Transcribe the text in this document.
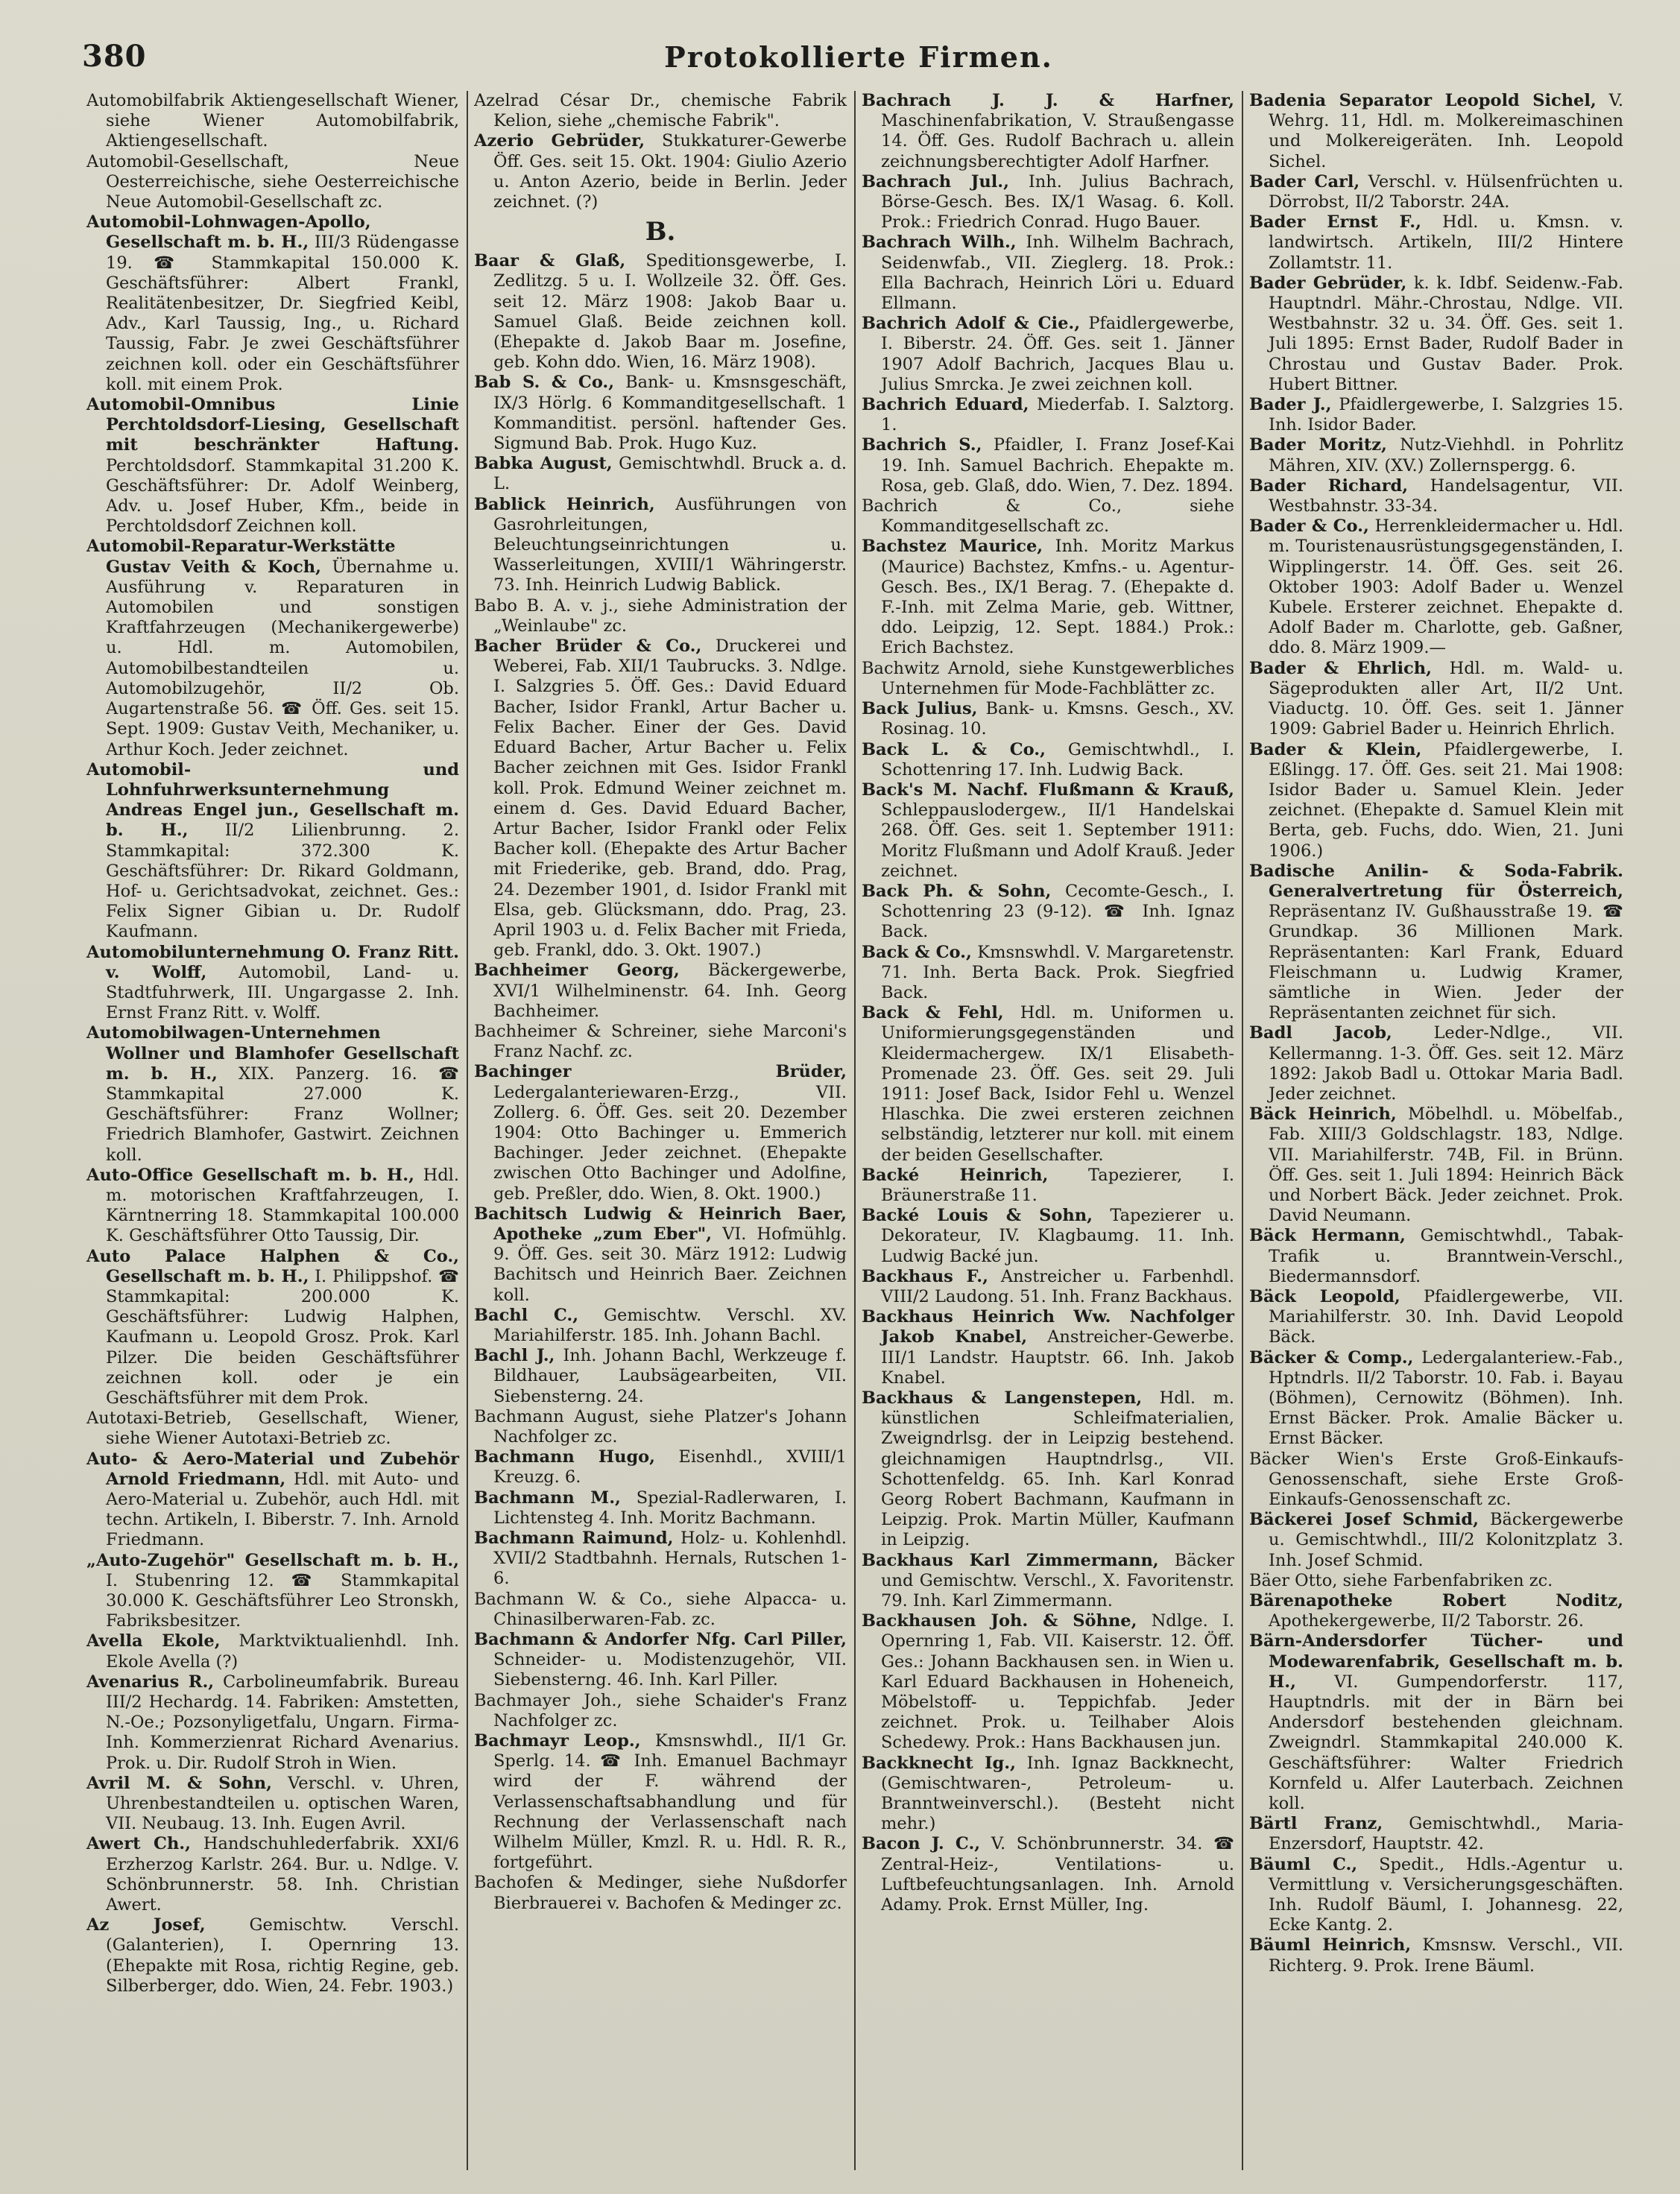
380	Protokollierte Firmen.

Automobilfabrik Aktiengesellschaft Wiener, siehe Wiener Automobilfabrik, Aktiengesellschaft.

Automobil-Gesellschaft, Neue Oesterreichische, siehe Oesterreichische Neue Automobil-Gesellschaft zc.

Automobil-Lohnwagen-Apollo, Gesellschaft m. b. H., III/3 Rüdengasse 19. ☎ Stammkapital 150.000 K. Geschäftsführer: Albert Frankl, Realitätenbesitzer, Dr. Siegfried Keibl, Adv., Karl Taussig, Ing., u. Richard Taussig, Fabr. Je zwei Geschäftsführer zeichnen koll. oder ein Geschäftsführer koll. mit einem Prok.

Automobil-Omnibus Linie Perchtoldsdorf-Liesing, Gesellschaft mit beschränkter Haftung. Perchtoldsdorf. Stammkapital 31.200 K. Geschäftsführer: Dr. Adolf Weinberg, Adv. u. Josef Huber, Kfm., beide in Perchtoldsdorf Zeichnen koll.

Automobil-Reparatur-Werkstätte Gustav Veith & Koch, Übernahme u. Ausführung v. Reparaturen in Automobilen und sonstigen Kraftfahrzeugen (Mechanikergewerbe) u. Hdl. m. Automobilen, Automobilbestandteilen u. Automobilzugehör, II/2 Ob. Augartenstraße 56. ☎ Öff. Ges. seit 15. Sept. 1909: Gustav Veith, Mechaniker, u. Arthur Koch. Jeder zeichnet.

Automobil- und Lohnfuhrwerksunternehmung Andreas Engel jun., Gesellschaft m. b. H., II/2 Lilienbrunng. 2. Stammkapital: 372.300 K. Geschäftsführer: Dr. Rikard Goldmann, Hof- u. Gerichtsadvokat, zeichnet. Ges.: Felix Signer Gibian u. Dr. Rudolf Kaufmann.

Automobilunternehmung O. Franz Ritt. v. Wolff, Automobil, Land- u. Stadtfuhrwerk, III. Ungargasse 2. Inh. Ernst Franz Ritt. v. Wolff.

Automobilwagen-Unternehmen Wollner und Blamhofer Gesellschaft m. b. H., XIX. Panzerg. 16. ☎ Stammkapital 27.000 K. Geschäftsführer: Franz Wollner; Friedrich Blamhofer, Gastwirt. Zeichnen koll.

Auto-Office Gesellschaft m. b. H., Hdl. m. motorischen Kraftfahrzeugen, I. Kärntnerring 18. Stammkapital 100.000 K. Geschäftsführer Otto Taussig, Dir.

Auto Palace Halphen & Co., Gesellschaft m. b. H., I. Philippshof. ☎ Stammkapital: 200.000 K. Geschäftsführer: Ludwig Halphen, Kaufmann u. Leopold Grosz. Prok. Karl Pilzer. Die beiden Geschäftsführer zeichnen koll. oder je ein Geschäftsführer mit dem Prok.

Autotaxi-Betrieb, Gesellschaft, Wiener, siehe Wiener Autotaxi-Betrieb zc.

Auto- & Aero-Material und Zubehör Arnold Friedmann, Hdl. mit Auto- und Aero-Material u. Zubehör, auch Hdl. mit techn. Artikeln, I. Biberstr. 7. Inh. Arnold Friedmann.

„Auto-Zugehör" Gesellschaft m. b. H., I. Stubenring 12. ☎ Stammkapital 30.000 K. Geschäftsführer Leo Stronskh, Fabriksbesitzer.

Avella Ekole, Marktviktualienhdl. Inh. Ekole Avella (?)

Avenarius R., Carbolineumfabrik. Bureau III/2 Hechardg. 14. Fabriken: Amstetten, N.-Oe.; Pozsonyligetfalu, Ungarn. Firma-Inh. Kommerzienrat Richard Avenarius. Prok. u. Dir. Rudolf Stroh in Wien.

Avril M. & Sohn, Verschl. v. Uhren, Uhrenbestandteilen u. optischen Waren, VII. Neubaug. 13. Inh. Eugen Avril.

Awert Ch., Handschuhlederfabrik. XXI/6 Erzherzog Karlstr. 264. Bur. u. Ndlge. V. Schönbrunnerstr. 58. Inh. Christian Awert.

Az Josef, Gemischtw. Verschl. (Galanterien), I. Opernring 13. (Ehepakte mit Rosa, richtig Regine, geb. Silberberger, ddo. Wien, 24. Febr. 1903.)

Azelrad César Dr., chemische Fabrik Kelion, siehe „chemische Fabrik".

Azerio Gebrüder, Stukkaturer-Gewerbe Öff. Ges. seit 15. Okt. 1904: Giulio Azerio u. Anton Azerio, beide in Berlin. Jeder zeichnet. (?)

B.

Baar & Glaß, Speditionsgewerbe, I. Zedlitzg. 5 u. I. Wollzeile 32. Öff. Ges. seit 12. März 1908: Jakob Baar u. Samuel Glaß. Beide zeichnen koll. (Ehepakte d. Jakob Baar m. Josefine, geb. Kohn ddo. Wien, 16. März 1908).

Bab S. & Co., Bank- u. Kmsnsgeschäft, IX/3 Hörlg. 6 Kommanditgesellschaft. 1 Kommanditist. persönl. haftender Ges. Sigmund Bab. Prok. Hugo Kuz.

Babka August, Gemischtwhdl. Bruck a. d. L.

Bablick Heinrich, Ausführungen von Gasrohrleitungen, Beleuchtungseinrichtungen u. Wasserleitungen, XVIII/1 Währingerstr. 73. Inh. Heinrich Ludwig Bablick.

Babo B. A. v. j., siehe Administration der „Weinlaube" zc.

Bacher Brüder & Co., Druckerei und Weberei, Fab. XII/1 Taubrucks. 3. Ndlge. I. Salzgries 5. Öff. Ges.: David Eduard Bacher, Isidor Frankl, Artur Bacher u. Felix Bacher. Einer der Ges. David Eduard Bacher, Artur Bacher u. Felix Bacher zeichnen mit Ges. Isidor Frankl koll. Prok. Edmund Weiner zeichnet m. einem d. Ges. David Eduard Bacher, Artur Bacher, Isidor Frankl oder Felix Bacher koll. (Ehepakte des Artur Bacher mit Friederike, geb. Brand, ddo. Prag, 24. Dezember 1901, d. Isidor Frankl mit Elsa, geb. Glücksmann, ddo. Prag, 23. April 1903 u. d. Felix Bacher mit Frieda, geb. Frankl, ddo. 3. Okt. 1907.)

Bachheimer Georg, Bäckergewerbe, XVI/1 Wilhelminenstr. 64. Inh. Georg Bachheimer.

Bachheimer & Schreiner, siehe Marconi's Franz Nachf. zc.

Bachinger Brüder, Ledergalanteriewaren-Erzg., VII. Zollerg. 6. Öff. Ges. seit 20. Dezember 1904: Otto Bachinger u. Emmerich Bachinger. Jeder zeichnet. (Ehepakte zwischen Otto Bachinger und Adolfine, geb. Preßler, ddo. Wien, 8. Okt. 1900.)

Bachitsch Ludwig & Heinrich Baer, Apotheke „zum Eber", VI. Hofmühlg. 9. Öff. Ges. seit 30. März 1912: Ludwig Bachitsch und Heinrich Baer. Zeichnen koll.

Bachl C., Gemischtw. Verschl. XV. Mariahilferstr. 185. Inh. Johann Bachl.

Bachl J., Inh. Johann Bachl, Werkzeuge f. Bildhauer, Laubsägearbeiten, VII. Siebensterng. 24.

Bachmann August, siehe Platzer's Johann Nachfolger zc.

Bachmann Hugo, Eisenhdl., XVIII/1 Kreuzg. 6.

Bachmann M., Spezial-Radlerwaren, I. Lichtensteg 4. Inh. Moritz Bachmann.

Bachmann Raimund, Holz- u. Kohlenhdl. XVII/2 Stadtbahnh. Hernals, Rutschen 1-6.

Bachmann W. & Co., siehe Alpacca- u. Chinasilberwaren-Fab. zc.

Bachmann & Andorfer Nfg. Carl Piller, Schneider- u. Modistenzugehör, VII. Siebensterng. 46. Inh. Karl Piller.

Bachmayer Joh., siehe Schaider's Franz Nachfolger zc.

Bachmayr Leop., Kmsnswhdl., II/1 Gr. Sperlg. 14. ☎ Inh. Emanuel Bachmayr wird der F. während der Verlassenschaftsabhandlung und für Rechnung der Verlassenschaft nach Wilhelm Müller, Kmzl. R. u. Hdl. R. R., fortgeführt.

Bachofen & Medinger, siehe Nußdorfer Bierbrauerei v. Bachofen & Medinger zc.

Bachrach J. J. & Harfner, Maschinenfabrikation, V. Straußengasse 14. Öff. Ges. Rudolf Bachrach u. allein zeichnungsberechtigter Adolf Harfner.

Bachrach Jul., Inh. Julius Bachrach, Börse-Gesch. Bes. IX/1 Wasag. 6. Koll. Prok.: Friedrich Conrad. Hugo Bauer.

Bachrach Wilh., Inh. Wilhelm Bachrach, Seidenwfab., VII. Zieglerg. 18. Prok.: Ella Bachrach, Heinrich Löri u. Eduard Ellmann.

Bachrich Adolf & Cie., Pfaidlergewerbe, I. Biberstr. 24. Öff. Ges. seit 1. Jänner 1907 Adolf Bachrich, Jacques Blau u. Julius Smrcka. Je zwei zeichnen koll.

Bachrich Eduard, Miederfab. I. Salztorg. 1.

Bachrich S., Pfaidler, I. Franz Josef-Kai 19. Inh. Samuel Bachrich. Ehepakte m. Rosa, geb. Glaß, ddo. Wien, 7. Dez. 1894.

Bachrich & Co., siehe Kommanditgesellschaft zc.

Bachstez Maurice, Inh. Moritz Markus (Maurice) Bachstez, Kmfns.- u. Agentur-Gesch. Bes., IX/1 Berag. 7. (Ehepakte d. F.-Inh. mit Zelma Marie, geb. Wittner, ddo. Leipzig, 12. Sept. 1884.) Prok.: Erich Bachstez.

Bachwitz Arnold, siehe Kunstgewerbliches Unternehmen für Mode-Fachblätter zc.

Back Julius, Bank- u. Kmsns. Gesch., XV. Rosinag. 10.

Back L. & Co., Gemischtwhdl., I. Schottenring 17. Inh. Ludwig Back.

Back's M. Nachf. Flußmann & Krauß, Schleppauslodergew., II/1 Handelskai 268. Öff. Ges. seit 1. September 1911: Moritz Flußmann und Adolf Krauß. Jeder zeichnet.

Back Ph. & Sohn, Cecomte-Gesch., I. Schottenring 23 (9-12). ☎ Inh. Ignaz Back.

Back & Co., Kmsnswhdl. V. Margaretenstr. 71. Inh. Berta Back. Prok. Siegfried Back.

Back & Fehl, Hdl. m. Uniformen u. Uniformierungsgegenständen und Kleidermachergew. IX/1 Elisabeth-Promenade 23. Öff. Ges. seit 29. Juli 1911: Josef Back, Isidor Fehl u. Wenzel Hlaschka. Die zwei ersteren zeichnen selbständig, letzterer nur koll. mit einem der beiden Gesellschafter.

Backé Heinrich, Tapezierer, I. Bräunerstraße 11.

Backé Louis & Sohn, Tapezierer u. Dekorateur, IV. Klagbaumg. 11. Inh. Ludwig Backé jun.

Backhaus F., Anstreicher u. Farbenhdl. VIII/2 Laudong. 51. Inh. Franz Backhaus.

Backhaus Heinrich Ww. Nachfolger Jakob Knabel, Anstreicher-Gewerbe. III/1 Landstr. Hauptstr. 66. Inh. Jakob Knabel.

Backhaus & Langenstepen, Hdl. m. künstlichen Schleifmaterialien, Zweigndrlsg. der in Leipzig bestehend. gleichnamigen Hauptndrlsg., VII. Schottenfeldg. 65. Inh. Karl Konrad Georg Robert Bachmann, Kaufmann in Leipzig. Prok. Martin Müller, Kaufmann in Leipzig.

Backhaus Karl Zimmermann, Bäcker und Gemischtw. Verschl., X. Favoritenstr. 79. Inh. Karl Zimmermann.

Backhausen Joh. & Söhne, Ndlge. I. Opernring 1, Fab. VII. Kaiserstr. 12. Öff. Ges.: Johann Backhausen sen. in Wien u. Karl Eduard Backhausen in Hoheneich, Möbelstoff- u. Teppichfab. Jeder zeichnet. Prok. u. Teilhaber Alois Schedewy. Prok.: Hans Backhausen jun.

Backknecht Ig., Inh. Ignaz Backknecht, (Gemischtwaren-, Petroleum- u. Branntweinverschl.). (Besteht nicht mehr.)

Bacon J. C., V. Schönbrunnerstr. 34. ☎ Zentral-Heiz-, Ventilations- u. Luftbefeuchtungsanlagen. Inh. Arnold Adamy. Prok. Ernst Müller, Ing.

Badenia Separator Leopold Sichel, V. Wehrg. 11, Hdl. m. Molkereimaschinen und Molkereigeräten. Inh. Leopold Sichel.

Bader Carl, Verschl. v. Hülsenfrüchten u. Dörrobst, II/2 Taborstr. 24A.

Bader Ernst F., Hdl. u. Kmsn. v. landwirtsch. Artikeln, III/2 Hintere Zollamtstr. 11.

Bader Gebrüder, k. k. Idbf. Seidenw.-Fab. Hauptndrl. Mähr.-Chrostau, Ndlge. VII. Westbahnstr. 32 u. 34. Öff. Ges. seit 1. Juli 1895: Ernst Bader, Rudolf Bader in Chrostau und Gustav Bader. Prok. Hubert Bittner.

Bader J., Pfaidlergewerbe, I. Salzgries 15. Inh. Isidor Bader.

Bader Moritz, Nutz-Viehhdl. in Pohrlitz Mähren, XIV. (XV.) Zollernspergg. 6.

Bader Richard, Handelsagentur, VII. Westbahnstr. 33-34.

Bader & Co., Herrenkleidermacher u. Hdl. m. Touristenausrüstungsgegenständen, I. Wipplingerstr. 14. Öff. Ges. seit 26. Oktober 1903: Adolf Bader u. Wenzel Kubele. Ersterer zeichnet. Ehepakte d. Adolf Bader m. Charlotte, geb. Gaßner, ddo. 8. März 1909.—

Bader & Ehrlich, Hdl. m. Wald- u. Sägeprodukten aller Art, II/2 Unt. Viaductg. 10. Öff. Ges. seit 1. Jänner 1909: Gabriel Bader u. Heinrich Ehrlich.

Bader & Klein, Pfaidlergewerbe, I. Eßlingg. 17. Öff. Ges. seit 21. Mai 1908: Isidor Bader u. Samuel Klein. Jeder zeichnet. (Ehepakte d. Samuel Klein mit Berta, geb. Fuchs, ddo. Wien, 21. Juni 1906.)

Badische Anilin- & Soda-Fabrik. Generalvertretung für Österreich, Repräsentanz IV. Gußhausstraße 19. ☎ Grundkap. 36 Millionen Mark. Repräsentanten: Karl Frank, Eduard Fleischmann u. Ludwig Kramer, sämtliche in Wien. Jeder der Repräsentanten zeichnet für sich.

Badl Jacob, Leder-Ndlge., VII. Kellermanng. 1-3. Öff. Ges. seit 12. März 1892: Jakob Badl u. Ottokar Maria Badl. Jeder zeichnet.

Bäck Heinrich, Möbelhdl. u. Möbelfab., Fab. XIII/3 Goldschlagstr. 183, Ndlge. VII. Mariahilferstr. 74B, Fil. in Brünn. Öff. Ges. seit 1. Juli 1894: Heinrich Bäck und Norbert Bäck. Jeder zeichnet. Prok. David Neumann.

Bäck Hermann, Gemischtwhdl., Tabak-Trafik u. Branntwein-Verschl., Biedermannsdorf.

Bäck Leopold, Pfaidlergewerbe, VII. Mariahilferstr. 30. Inh. David Leopold Bäck.

Bäcker & Comp., Ledergalanteriew.-Fab., Hptndrls. II/2 Taborstr. 10. Fab. i. Bayau (Böhmen), Cernowitz (Böhmen). Inh. Ernst Bäcker. Prok. Amalie Bäcker u. Ernst Bäcker.

Bäcker Wien's Erste Groß-Einkaufs-Genossenschaft, siehe Erste Groß-Einkaufs-Genossenschaft zc.

Bäckerei Josef Schmid, Bäckergewerbe u. Gemischtwhdl., III/2 Kolonitzplatz 3. Inh. Josef Schmid.

Bäer Otto, siehe Farbenfabriken zc.

Bärenapotheke Robert Noditz, Apothekergewerbe, II/2 Taborstr. 26.

Bärn-Andersdorfer Tücher- und Modewarenfabrik, Gesellschaft m. b. H., VI. Gumpendorferstr. 117, Hauptndrls. mit der in Bärn bei Andersdorf bestehenden gleichnam. Zweigndrl. Stammkapital 240.000 K. Geschäftsführer: Walter Friedrich Kornfeld u. Alfer Lauterbach. Zeichnen koll.

Bärtl Franz, Gemischtwhdl., Maria-Enzersdorf, Hauptstr. 42.

Bäuml C., Spedit., Hdls.-Agentur u. Vermittlung v. Versicherungsgeschäften. Inh. Rudolf Bäuml, I. Johannesg. 22, Ecke Kantg. 2.

Bäuml Heinrich, Kmsnsw. Verschl., VII. Richterg. 9. Prok. Irene Bäuml.
